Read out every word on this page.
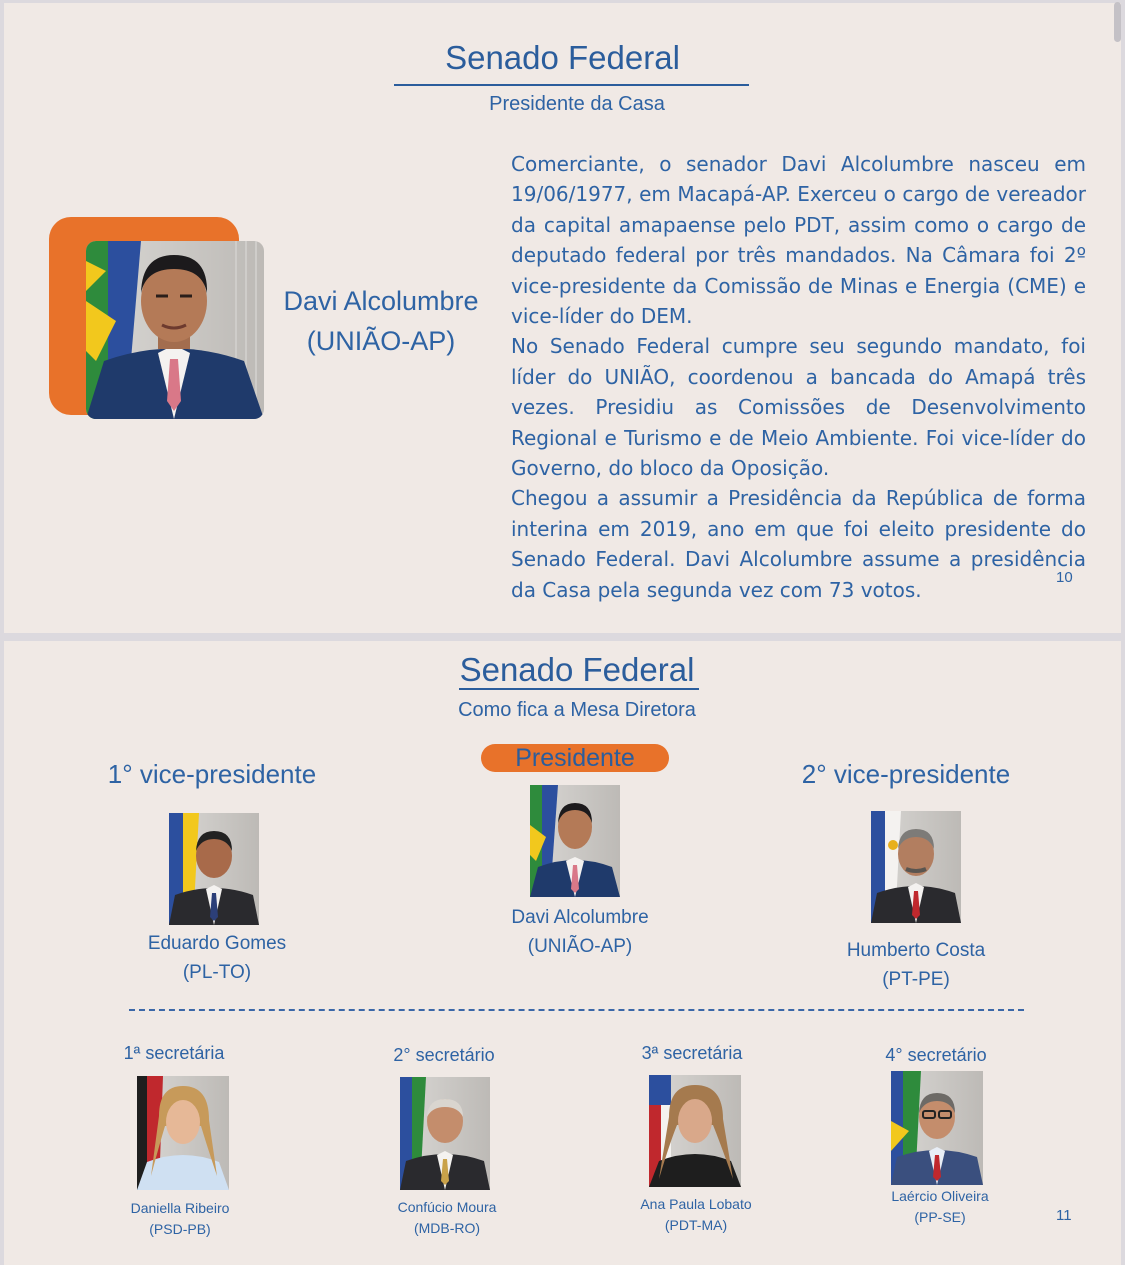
Senado Federal
Presidente da Casa
Davi Alcolumbre
(UNIÃO-AP)

Comerciante, o senador Davi Alcolumbre nasceu em 19/06/1977, em Macapá-AP. Exerceu o cargo de vereador da capital amapaense pelo PDT, assim como o cargo de deputado federal por três mandados. Na Câmara foi 2º vice-presidente da Comissão de Minas e Energia (CME) e vice-líder do DEM.

No Senado Federal cumpre seu segundo mandato, foi líder do UNIÃO, coordenou a bancada do Amapá três vezes. Presidiu as Comissões de Desenvolvimento Regional e Turismo e de Meio Ambiente. Foi vice-líder do Governo, do bloco da Oposição.

Chegou a assumir a Presidência da República de forma interina em 2019, ano em que foi eleito presidente do Senado Federal. Davi Alcolumbre assume a presidência da Casa pela segunda vez com 73 votos.

10
Senado Federal
Como fica a Mesa Diretora
Presidente
Davi Alcolumbre
(UNIÃO-AP)
1° vice-presidente
Eduardo Gomes
(PL-TO)
2° vice-presidente
Humberto Costa
(PT-PE)
1ª secretária
Daniella Ribeiro
(PSD-PB)
2° secretário
Confúcio Moura
(MDB-RO)
3ª secretária
Ana Paula Lobato
(PDT-MA)
4° secretário
Laércio Oliveira
(PP-SE)	11
